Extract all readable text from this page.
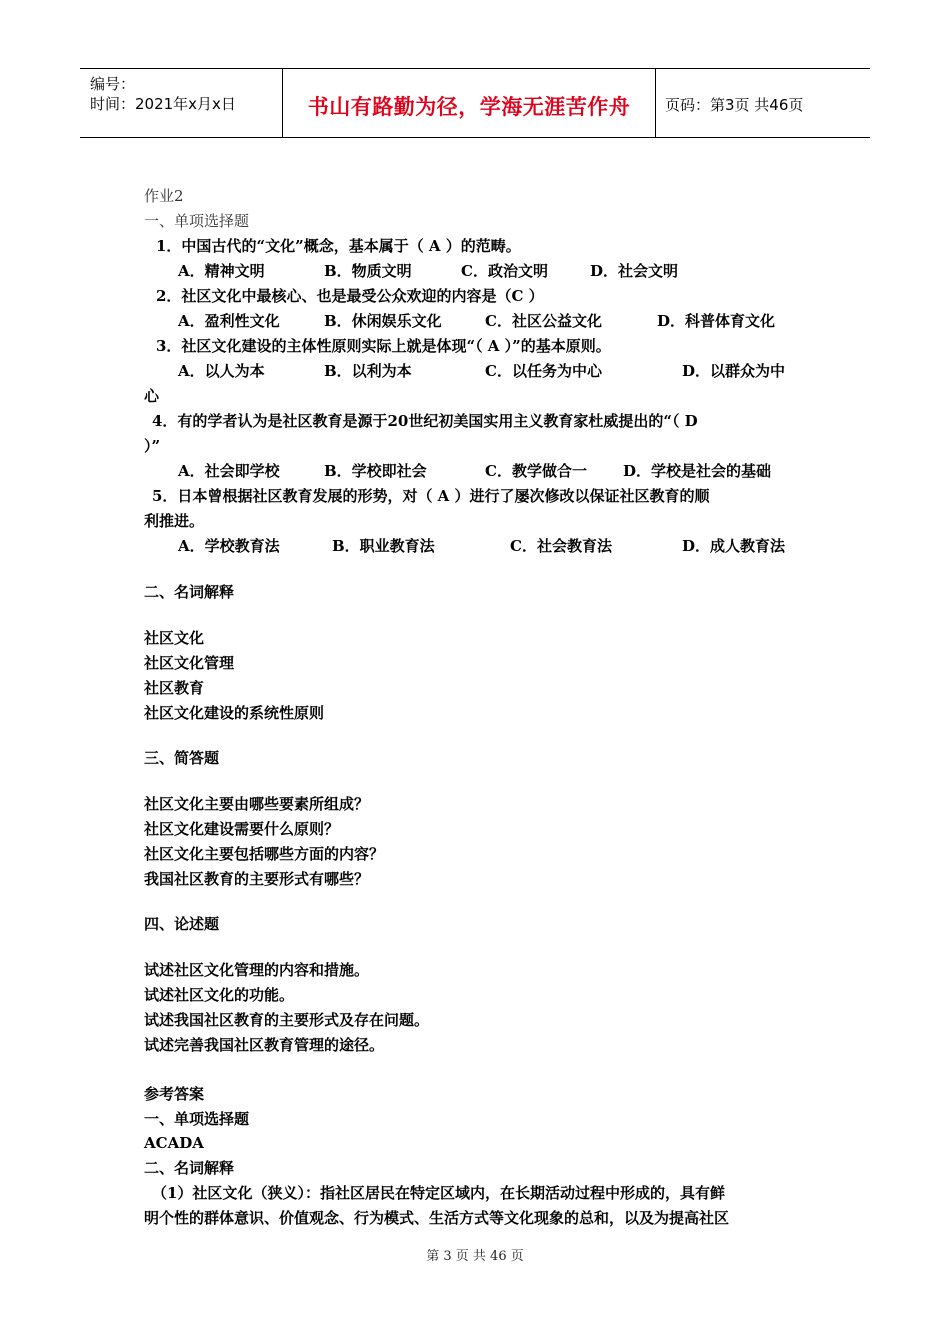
编号：
时间：2021年x月x日	书山有路勤为径，学海无涯苦作舟	页码：第3页 共46页
作业2
一、单项选择题
1．中国古代的“文化”概念，基本属于（ A ）的范畴。
A．精神文明	B．物质文明	C．政治文明	D．社会文明
2．社区文化中最核心、也是最受公众欢迎的内容是（C ）
A．盈利性文化	B．休闲娱乐文化	C．社区公益文化	D．科普体育文化
3．社区文化建设的主体性原则实际上就是体现“（ A ）”的基本原则。
A．以人为本	B．以利为本	C．以任务为中心	D．以群众为中
心
4．有的学者认为是社区教育是源于20世纪初美国实用主义教育家杜威提出的“（ D
）”
A．社会即学校	B．学校即社会	C．教学做合一 D．学校是社会的基础
5．日本曾根据社区教育发展的形势，对（ A ）进行了屡次修改以保证社区教育的顺
利推进。
A．学校教育法	B．职业教育法	C．社会教育法	D．成人教育法
二、名词解释
社区文化
社区文化管理
社区教育
社区文化建设的系统性原则
三、简答题
社区文化主要由哪些要素所组成？
社区文化建设需要什么原则？
社区文化主要包括哪些方面的内容？
我国社区教育的主要形式有哪些？
四、论述题
试述社区文化管理的内容和措施。
试述社区文化的功能。
试述我国社区教育的主要形式及存在问题。
试述完善我国社区教育管理的途径。
参考答案
一、单项选择题
ACADA
二、名词解释
（1）社区文化（狭义）：指社区居民在特定区域内，在长期活动过程中形成的，具有鲜
明个性的群体意识、价值观念、行为模式、生活方式等文化现象的总和，以及为提高社区
第 3 页 共 46 页
